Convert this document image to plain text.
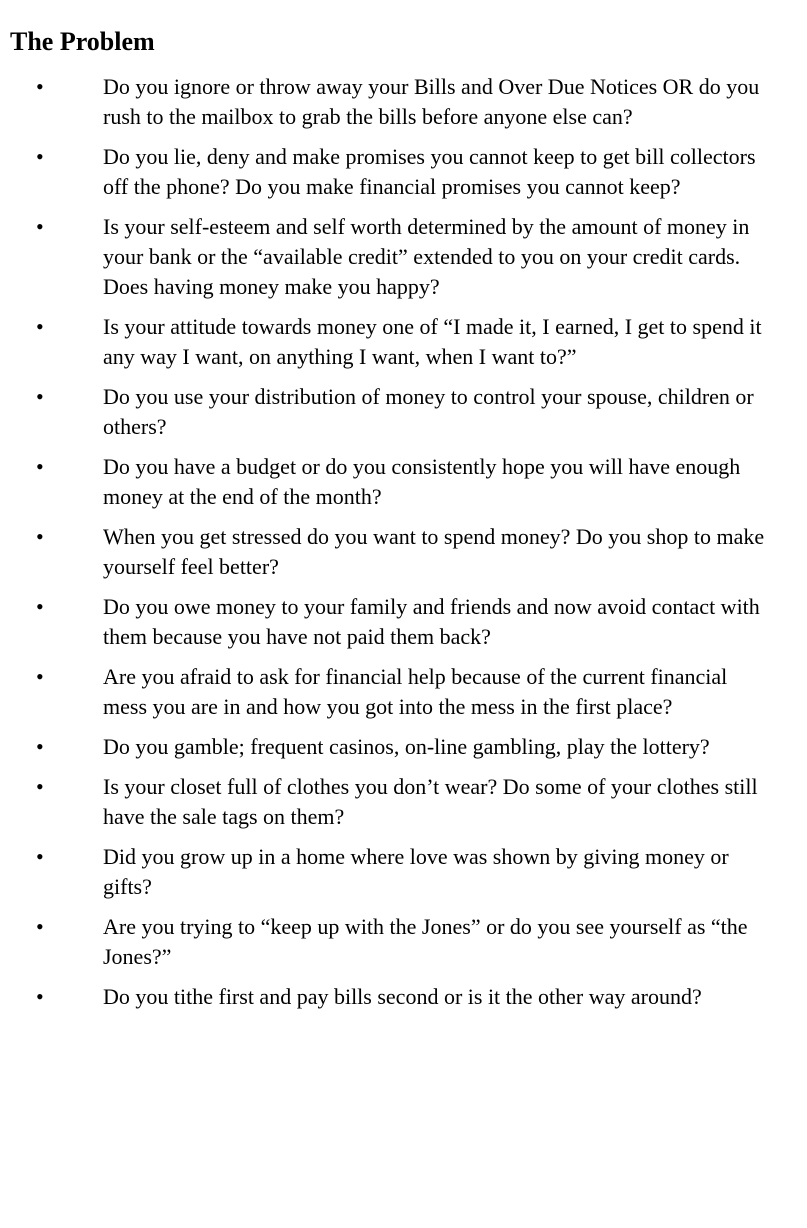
The Problem
•	Do you ignore or throw away your Bills and Over Due Notices OR do you rush to the mailbox to grab the bills before anyone else can?
•	Do you lie, deny and make promises you cannot keep to get bill collectors off the phone? Do you make financial promises you cannot keep?
•	Is your self-esteem and self worth determined by the amount of money in your bank or the “available credit” extended to you on your credit cards. Does having money make you happy?
•	Is your attitude towards money one of “I made it, I earned, I get to spend it any way I want, on anything I want, when I want to?”
•	Do you use your distribution of money to control your spouse, children or others?
•	Do you have a budget or do you consistently hope you will have enough money at the end of the month?
•	When you get stressed do you want to spend money? Do you shop to make yourself feel better?
•	Do you owe money to your family and friends and now avoid contact with them because you have not paid them back?
•	Are you afraid to ask for financial help because of the current financial mess you are in and how you got into the mess in the first place?
•	Do you gamble; frequent casinos, on-line gambling, play the lottery?
•	Is your closet full of clothes you don’t wear? Do some of your clothes still have the sale tags on them?
•	Did you grow up in a home where love was shown by giving money or gifts?
•	Are you trying to “keep up with the Jones” or do you see yourself as “the Jones?”
•	Do you tithe first and pay bills second or is it the other way around?
